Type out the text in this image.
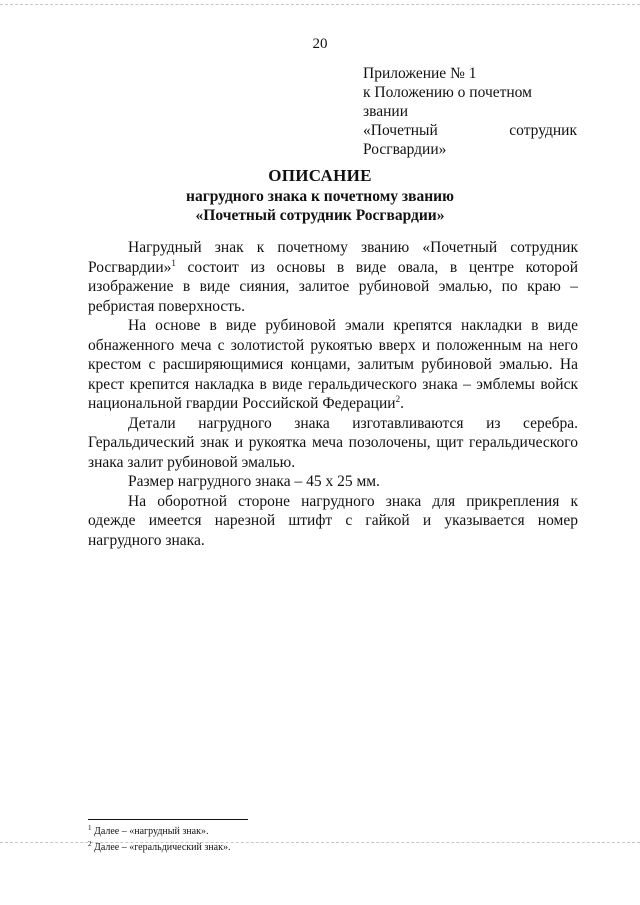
20
Приложение № 1
к Положению о почетном звании
«Почетный сотрудник
Росгвардии»
ОПИСАНИЕ
нагрудного знака к почетному званию
«Почетный сотрудник Росгвардии»

Нагрудный знак к почетному званию «Почетный сотрудник Росгвардии»$^1$ состоит из основы в виде овала, в центре которой изображение в виде сияния, залитое рубиновой эмалью, по краю – ребристая поверхность.

На основе в виде рубиновой эмали крепятся накладки в виде обнаженного меча с золотистой рукоятью вверх и положенным на него крестом с расширяющимися концами, залитым рубиновой эмалью. На крест крепится накладка в виде геральдического знака – эмблемы войск национальной гвардии Российской Федерации$^2$.

Детали нагрудного знака изготавливаются из серебра. Геральдический знак и рукоятка меча позолочены, щит геральдического знака залит рубиновой эмалью.

Размер нагрудного знака – 45 х 25 мм.

На оборотной стороне нагрудного знака для прикрепления к одежде имеется нарезной штифт с гайкой и указывается номер нагрудного знака.

$^1$ Далее – «нагрудный знак».
$^2$ Далее – «геральдический знак».
